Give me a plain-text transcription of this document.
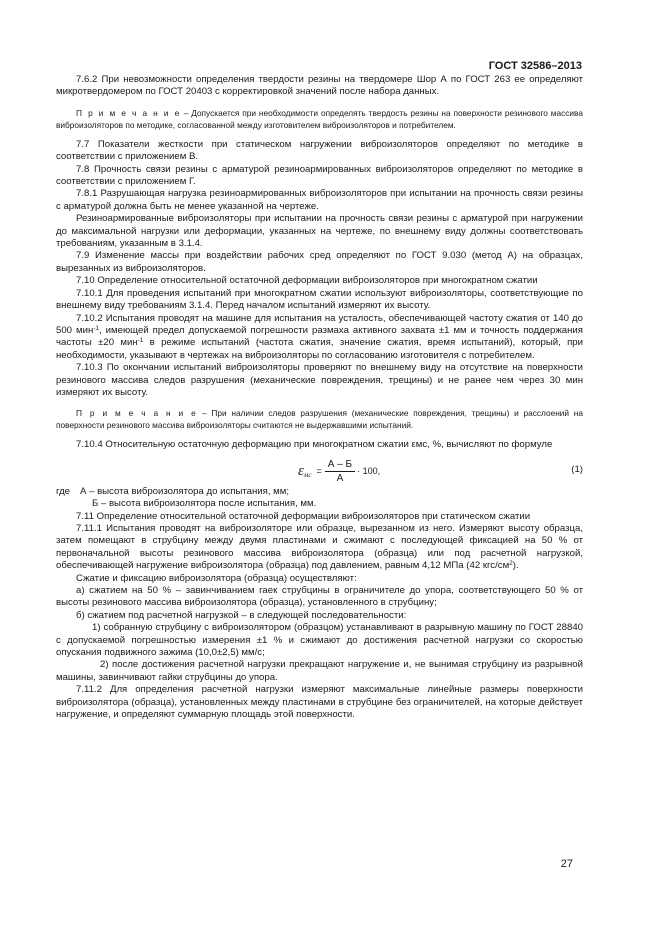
ГОСТ 32586–2013

7.6.2 При невозможности определения твердости резины на твердомере Шор А по ГОСТ 263 ее определяют микротвердомером по ГОСТ 20403 с корректировкой значений после набора данных.

П р и м е ч а н и е – Допускается при необходимости определять твердость резины на поверхности резинового массива виброизоляторов по методике, согласованной между изготовителем виброизоляторов и потребителем.

7.7 Показатели жесткости при статическом нагружении виброизоляторов определяют по методике в соответствии с приложением В.

7.8 Прочность связи резины с арматурой резиноармированных виброизоляторов определяют по методике в соответствии с приложением Г.

7.8.1 Разрушающая нагрузка резиноармированных виброизоляторов при испытании на прочность связи резины с арматурой должна быть не менее указанной на чертеже.

Резиноармированные виброизоляторы при испытании на прочность связи резины с арматурой при нагружении до максимальной нагрузки или деформации, указанных на чертеже, по внешнему виду должны соответствовать требованиям, указанным в 3.1.4.

7.9 Изменение массы при воздействии рабочих сред определяют по ГОСТ 9.030 (метод А) на образцах, вырезанных из виброизоляторов.

7.10 Определение относительной остаточной деформации виброизоляторов при многократном сжатии

7.10.1 Для проведения испытаний при многократном сжатии используют виброизоляторы, соответствующие по внешнему виду требованиям 3.1.4. Перед началом испытаний измеряют их высоту.

7.10.2 Испытания проводят на машине для испытания на усталость, обеспечивающей частоту сжатия от 140 до 500 мин$^{-1}$, имеющей предел допускаемой погрешности размаха активного захвата ±1 мм и точность поддержания частоты ±20 мин$^{-1}$ в режиме испытаний (частота сжатия, значение сжатия, время испытаний), который, при необходимости, указывают в чертежах на виброизоляторы по согласованию изготовителя с потребителем.

7.10.3 По окончании испытаний виброизоляторы проверяют по внешнему виду на отсутствие на поверхности резинового массива следов разрушения (механические повреждения, трещины) и не ранее чем через 30 мин измеряют их высоту.

П р и м е ч а н и е – При наличии следов разрушения (механические повреждения, трещины) и расслоений на поверхности резинового массива виброизоляторы считаются не выдержавшими испытаний.

7.10.4 Относительную остаточную деформацию при многократном сжатии εмс, %, вычисляют по формуле

ε мс = $\frac{А - Б}{А} \cdot 100$,	(1)

где А – высота виброизолятора до испытания, мм;

Б – высота виброизолятора после испытания, мм.

7.11 Определение относительной остаточной деформации виброизоляторов при статическом сжатии

7.11.1 Испытания проводят на виброизоляторе или образце, вырезанном из него. Измеряют высоту образца, затем помещают в струбцину между двумя пластинами и сжимают с последующей фиксацией на 50 % от первоначальной высоты резинового массива виброизолятора (образца) или под расчетной нагрузкой, обеспечивающей нагружение виброизолятора (образца) под давлением, равным 4,12 МПа (42 кгс/$см^2$).

Сжатие и фиксацию виброизолятора (образца) осуществляют:

а) сжатием на 50 % – завинчиванием гаек струбцины в ограничителе до упора, соответствующего 50 % от высоты резинового массива виброизолятора (образца), установленного в струбцину;

б) сжатием под расчетной нагрузкой – в следующей последовательности:

1) собранную струбцину с виброизолятором (образцом) устанавливают в разрывную машину по ГОСТ 28840 с допускаемой погрешностью измерения ±1 % и сжимают до достижения расчетной нагрузки со скоростью опускания подвижного зажима (10,0±2,5) мм/с;

2) после достижения расчетной нагрузки прекращают нагружение и, не вынимая струбцину из разрывной машины, завинчивают гайки струбцины до упора.

7.11.2 Для определения расчетной нагрузки измеряют максимальные линейные размеры поверхности виброизолятора (образца), установленных между пластинами в струбцине без ограничителей, на которые действует нагружение, и определяют суммарную площадь этой поверхности.

27
